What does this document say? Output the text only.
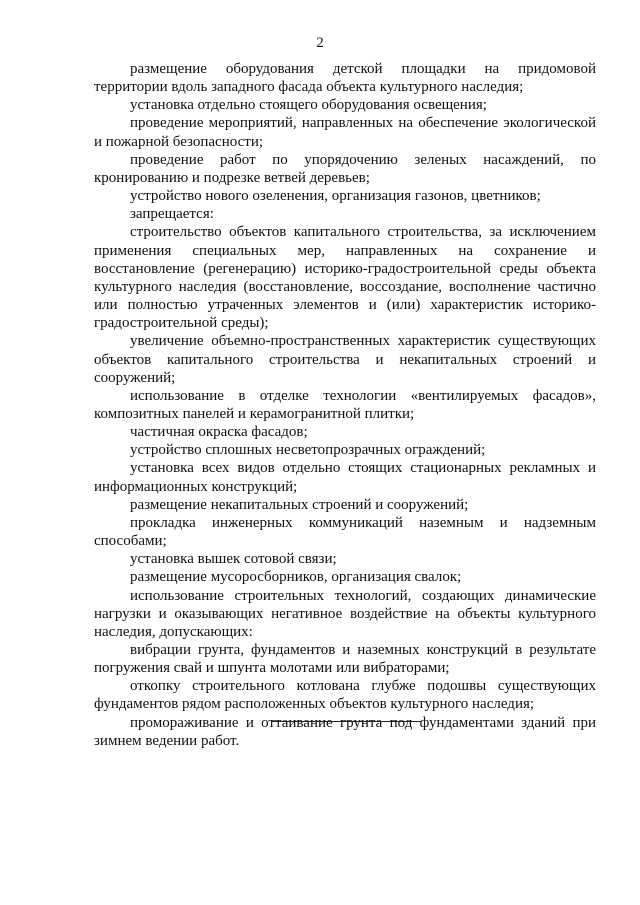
2

размещение оборудования детской площадки на придомовой территории вдоль западного фасада объекта культурного наследия;

установка отдельно стоящего оборудования освещения;

проведение мероприятий, направленных на обеспечение экологической и пожарной безопасности;

проведение работ по упорядочению зеленых насаждений, по кронированию и подрезке ветвей деревьев;

устройство нового озеленения, организация газонов, цветников;

запрещается:

строительство объектов капитального строительства, за исключением применения специальных мер, направленных на сохранение и восстановление (регенерацию) историко-градостроительной среды объекта культурного наследия (восстановление, воссоздание, восполнение частично или полностью утраченных элементов и (или) характеристик историко-градостроительной среды);

увеличение объемно-пространственных характеристик существующих объектов капитального строительства и некапитальных строений и сооружений;

использование в отделке технологии «вентилируемых фасадов», композитных панелей и керамогранитной плитки;

частичная окраска фасадов;

устройство сплошных несветопрозрачных ограждений;

установка всех видов отдельно стоящих стационарных рекламных и информационных конструкций;

размещение некапитальных строений и сооружений;

прокладка инженерных коммуникаций наземным и надземным способами;

установка вышек сотовой связи;

размещение мусоросборников, организация свалок;

использование строительных технологий, создающих динамические нагрузки и оказывающих негативное воздействие на объекты культурного наследия, допускающих:

вибрации грунта, фундаментов и наземных конструкций в результате погружения свай и шпунта молотами или вибраторами;

откопку строительного котлована глубже подошвы существующих фундаментов рядом расположенных объектов культурного наследия;

промораживание и оттаивание грунта под фундаментами зданий при зимнем ведении работ.
